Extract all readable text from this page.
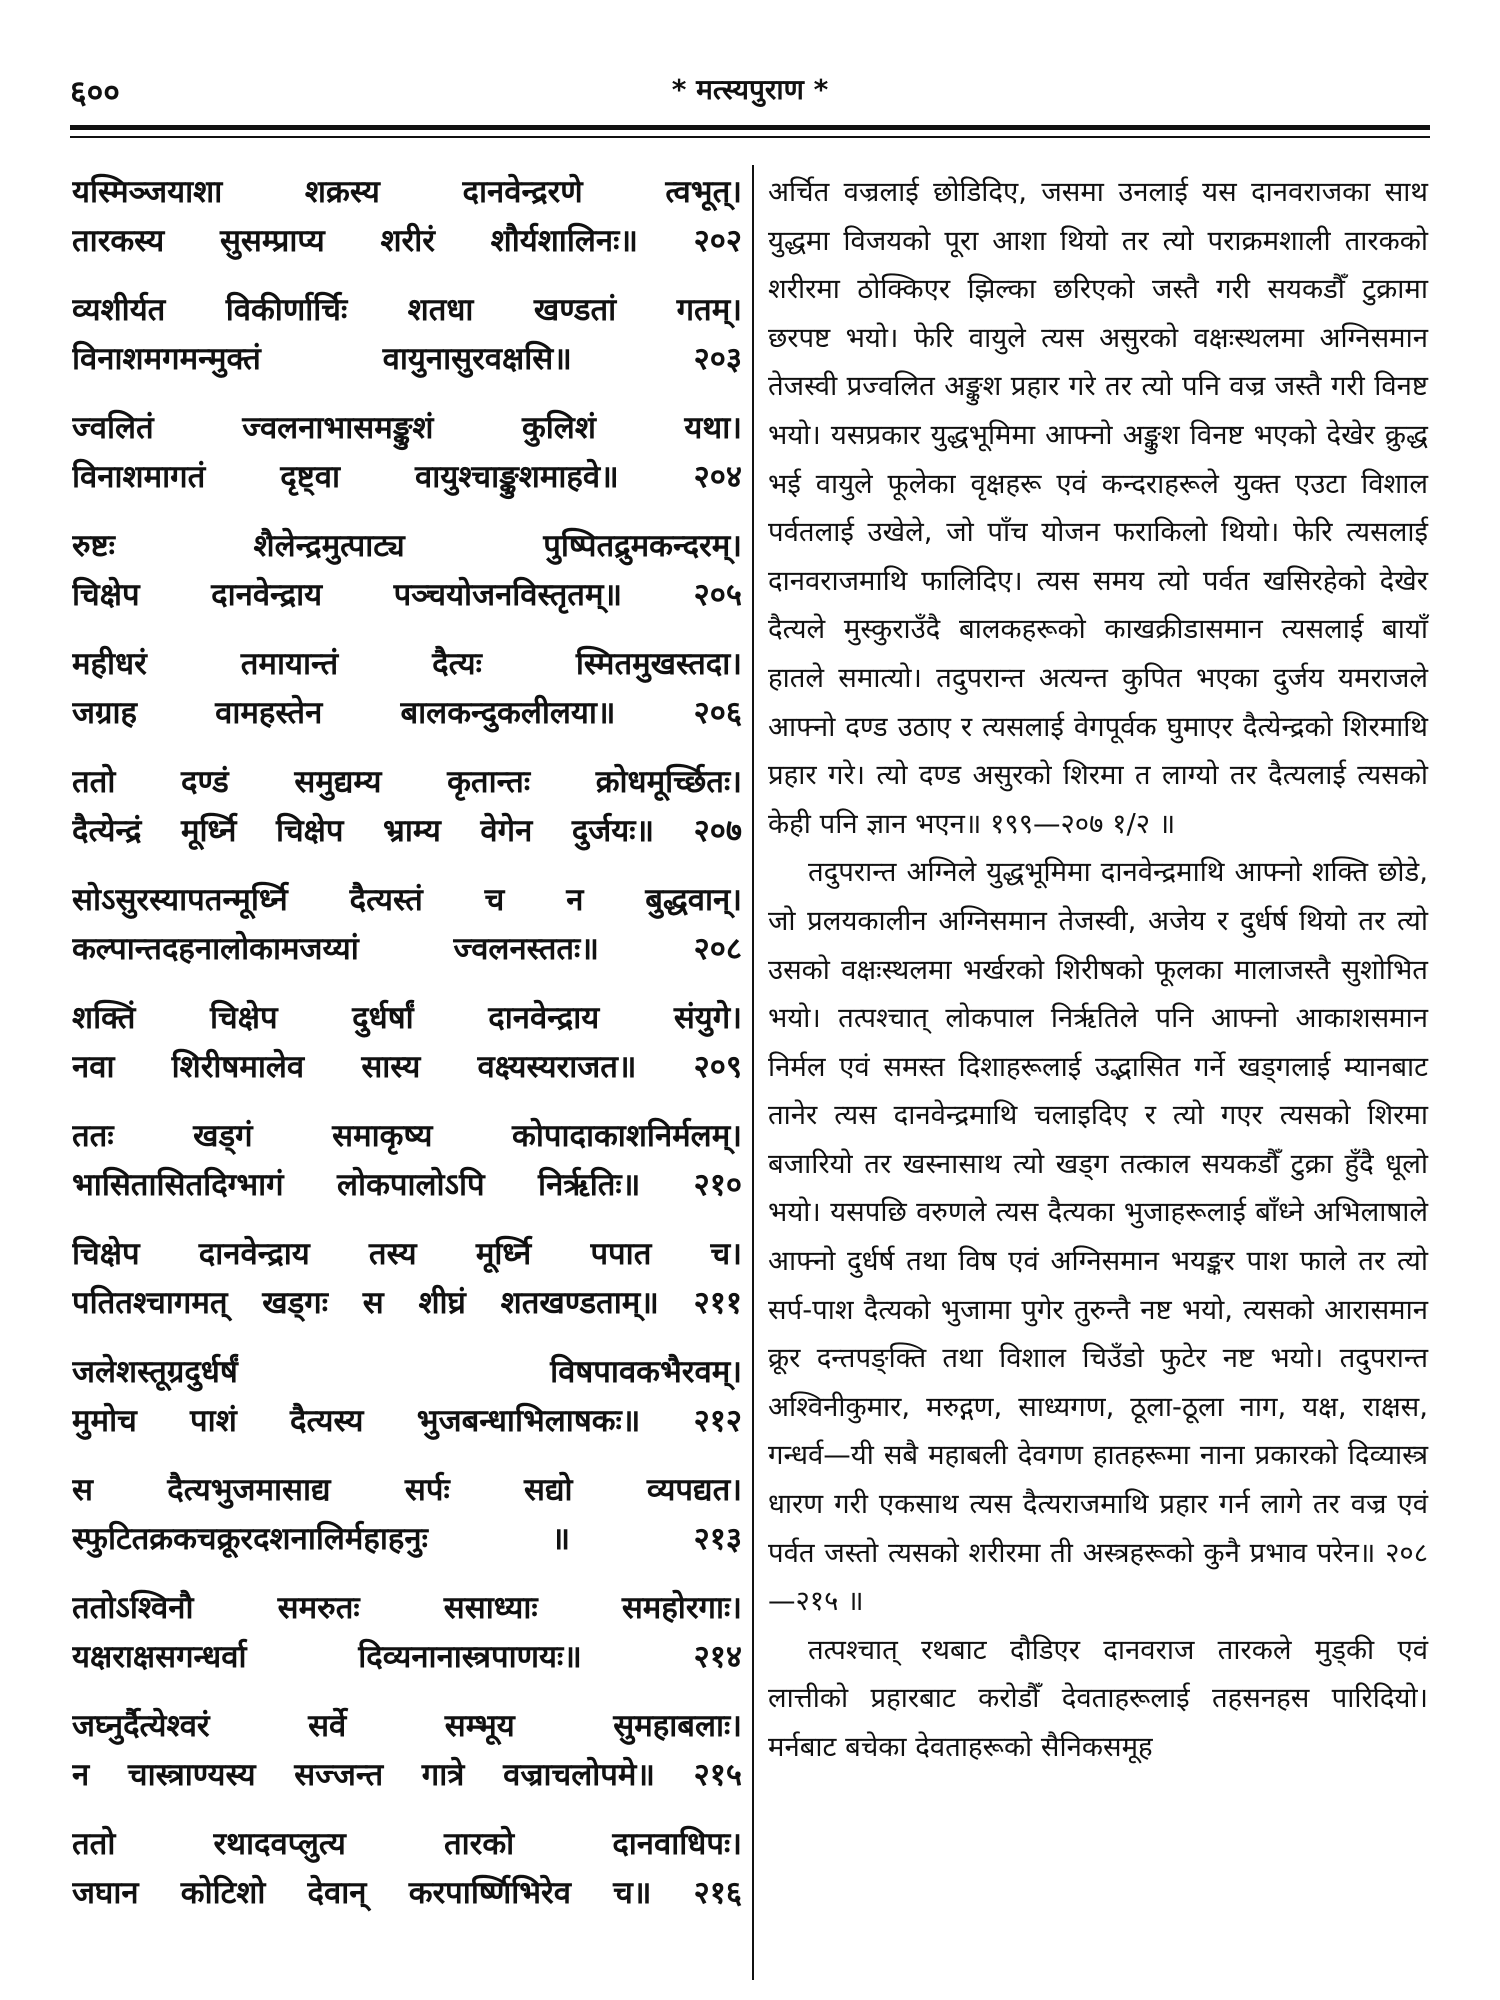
६००	* मत्स्यपुराण *
यस्मिञ्जयाशा शक्रस्य दानवेन्द्ररणे त्वभूत्।
तारकस्य सुसम्प्राप्य शरीरं शौर्यशालिनः॥ २०२
व्यशीर्यत विकीर्णार्चिः शतधा खण्डतां गतम्।
विनाशमगमन्मुक्तं वायुनासुरवक्षसि॥ २०३
ज्वलितं ज्वलनाभासमङ्कुशं कुलिशं यथा।
विनाशमागतं दृष्ट्वा वायुश्चाङ्कुशमाहवे॥ २०४
रुष्टः शैलेन्द्रमुत्पाट्य पुष्पितद्रुमकन्दरम्।
चिक्षेप दानवेन्द्राय पञ्चयोजनविस्तृतम्॥ २०५
महीधरं तमायान्तं दैत्यः स्मितमुखस्तदा।
जग्राह वामहस्तेन बालकन्दुकलीलया॥ २०६
ततो दण्डं समुद्यम्य कृतान्तः क्रोधमूर्च्छितः।
दैत्येन्द्रं मूर्ध्नि चिक्षेप भ्राम्य वेगेन दुर्जयः॥ २०७
सोऽसुरस्यापतन्मूर्ध्नि दैत्यस्तं च न बुद्धवान्।
कल्पान्तदहनालोकामजय्यां ज्वलनस्ततः॥ २०८
शक्तिं चिक्षेप दुर्धर्षां दानवेन्द्राय संयुगे।
नवा शिरीषमालेव सास्य वक्ष्यस्यराजत॥ २०९
ततः खड्गं समाकृष्य कोपादाकाशनिर्मलम्।
भासितासितदिग्भागं लोकपालोऽपि निर्ऋतिः॥ २१०
चिक्षेप दानवेन्द्राय तस्य मूर्ध्नि पपात च।
पतितश्चागमत् खड्गः स शीघ्रं शतखण्डताम्॥ २११
जलेशस्तूग्रदुर्धर्षं विषपावकभैरवम्।
मुमोच पाशं दैत्यस्य भुजबन्धाभिलाषकः॥ २१२
स दैत्यभुजमासाद्य सर्पः सद्यो व्यपद्यत।
स्फुटितक्रकचक्रूरदशनालिर्महाहनुः ॥ २१३
ततोऽश्विनौ समरुतः ससाध्याः समहोरगाः।
यक्षराक्षसगन्धर्वा दिव्यनानास्त्रपाणयः॥ २१४
जघ्नुर्दैत्येश्वरं सर्वे सम्भूय सुमहाबलाः।
न चास्त्राण्यस्य सज्जन्त गात्रे वज्राचलोपमे॥ २१५
ततो रथादवप्लुत्य तारको दानवाधिपः।
जघान कोटिशो देवान् करपार्ष्णिभिरेव च॥ २१६

अर्चित वज्रलाई छोडिदिए, जसमा उनलाई यस दानवराजका साथ युद्धमा विजयको पूरा आशा थियो तर त्यो पराक्रमशाली तारकको शरीरमा ठोक्किएर झिल्का छरिएको जस्तै गरी सयकडौँ टुक्रामा छरपष्ट भयो। फेरि वायुले त्यस असुरको वक्षःस्थलमा अग्निसमान तेजस्वी प्रज्वलित अङ्कुश प्रहार गरे तर त्यो पनि वज्र जस्तै गरी विनष्ट भयो। यसप्रकार युद्धभूमिमा आफ्नो अङ्कुश विनष्ट भएको देखेर क्रुद्ध भई वायुले फूलेका वृक्षहरू एवं कन्दराहरूले युक्त एउटा विशाल पर्वतलाई उखेले, जो पाँच योजन फराकिलो थियो। फेरि त्यसलाई दानवराजमाथि फालिदिए। त्यस समय त्यो पर्वत खसिरहेको देखेर दैत्यले मुस्कुराउँदै बालकहरूको काखक्रीडासमान त्यसलाई बायाँ हातले समात्यो। तदुपरान्त अत्यन्त कुपित भएका दुर्जय यमराजले आफ्नो दण्ड उठाए र त्यसलाई वेगपूर्वक घुमाएर दैत्येन्द्रको शिरमाथि प्रहार गरे। त्यो दण्ड असुरको शिरमा त लाग्यो तर दैत्यलाई त्यसको केही पनि ज्ञान भएन॥ १९९—२०७ १/२ ॥

तदुपरान्त अग्निले युद्धभूमिमा दानवेन्द्रमाथि आफ्नो शक्ति छोडे, जो प्रलयकालीन अग्निसमान तेजस्वी, अजेय र दुर्धर्ष थियो तर त्यो उसको वक्षःस्थलमा भर्खरको शिरीषको फूलका मालाजस्तै सुशोभित भयो। तत्पश्चात् लोकपाल निर्ऋतिले पनि आफ्नो आकाशसमान निर्मल एवं समस्त दिशाहरूलाई उद्भासित गर्ने खड्गलाई म्यानबाट तानेर त्यस दानवेन्द्रमाथि चलाइदिए र त्यो गएर त्यसको शिरमा बजारियो तर खस्नासाथ त्यो खड्ग तत्काल सयकडौँ टुक्रा हुँदै धूलो भयो। यसपछि वरुणले त्यस दैत्यका भुजाहरूलाई बाँध्ने अभिलाषाले आफ्नो दुर्धर्ष तथा विष एवं अग्निसमान भयङ्कर पाश फाले तर त्यो सर्प-पाश दैत्यको भुजामा पुगेर तुरुन्तै नष्ट भयो, त्यसको आरासमान क्रूर दन्तपङ्क्ति तथा विशाल चिउँडो फुटेर नष्ट भयो। तदुपरान्त अश्विनीकुमार, मरुद्गण, साध्यगण, ठूला-ठूला नाग, यक्ष, राक्षस, गन्धर्व—यी सबै महाबली देवगण हातहरूमा नाना प्रकारको दिव्यास्त्र धारण गरी एकसाथ त्यस दैत्यराजमाथि प्रहार गर्न लागे तर वज्र एवं पर्वत जस्तो त्यसको शरीरमा ती अस्त्रहरूको कुनै प्रभाव परेन॥ २०८—२१५ ॥

तत्पश्चात् रथबाट दौडिएर दानवराज तारकले मुड्की एवं लात्तीको प्रहारबाट करोडौँ देवताहरूलाई तहसनहस पारिदियो। मर्नबाट बचेका देवताहरूको सैनिकसमूह
